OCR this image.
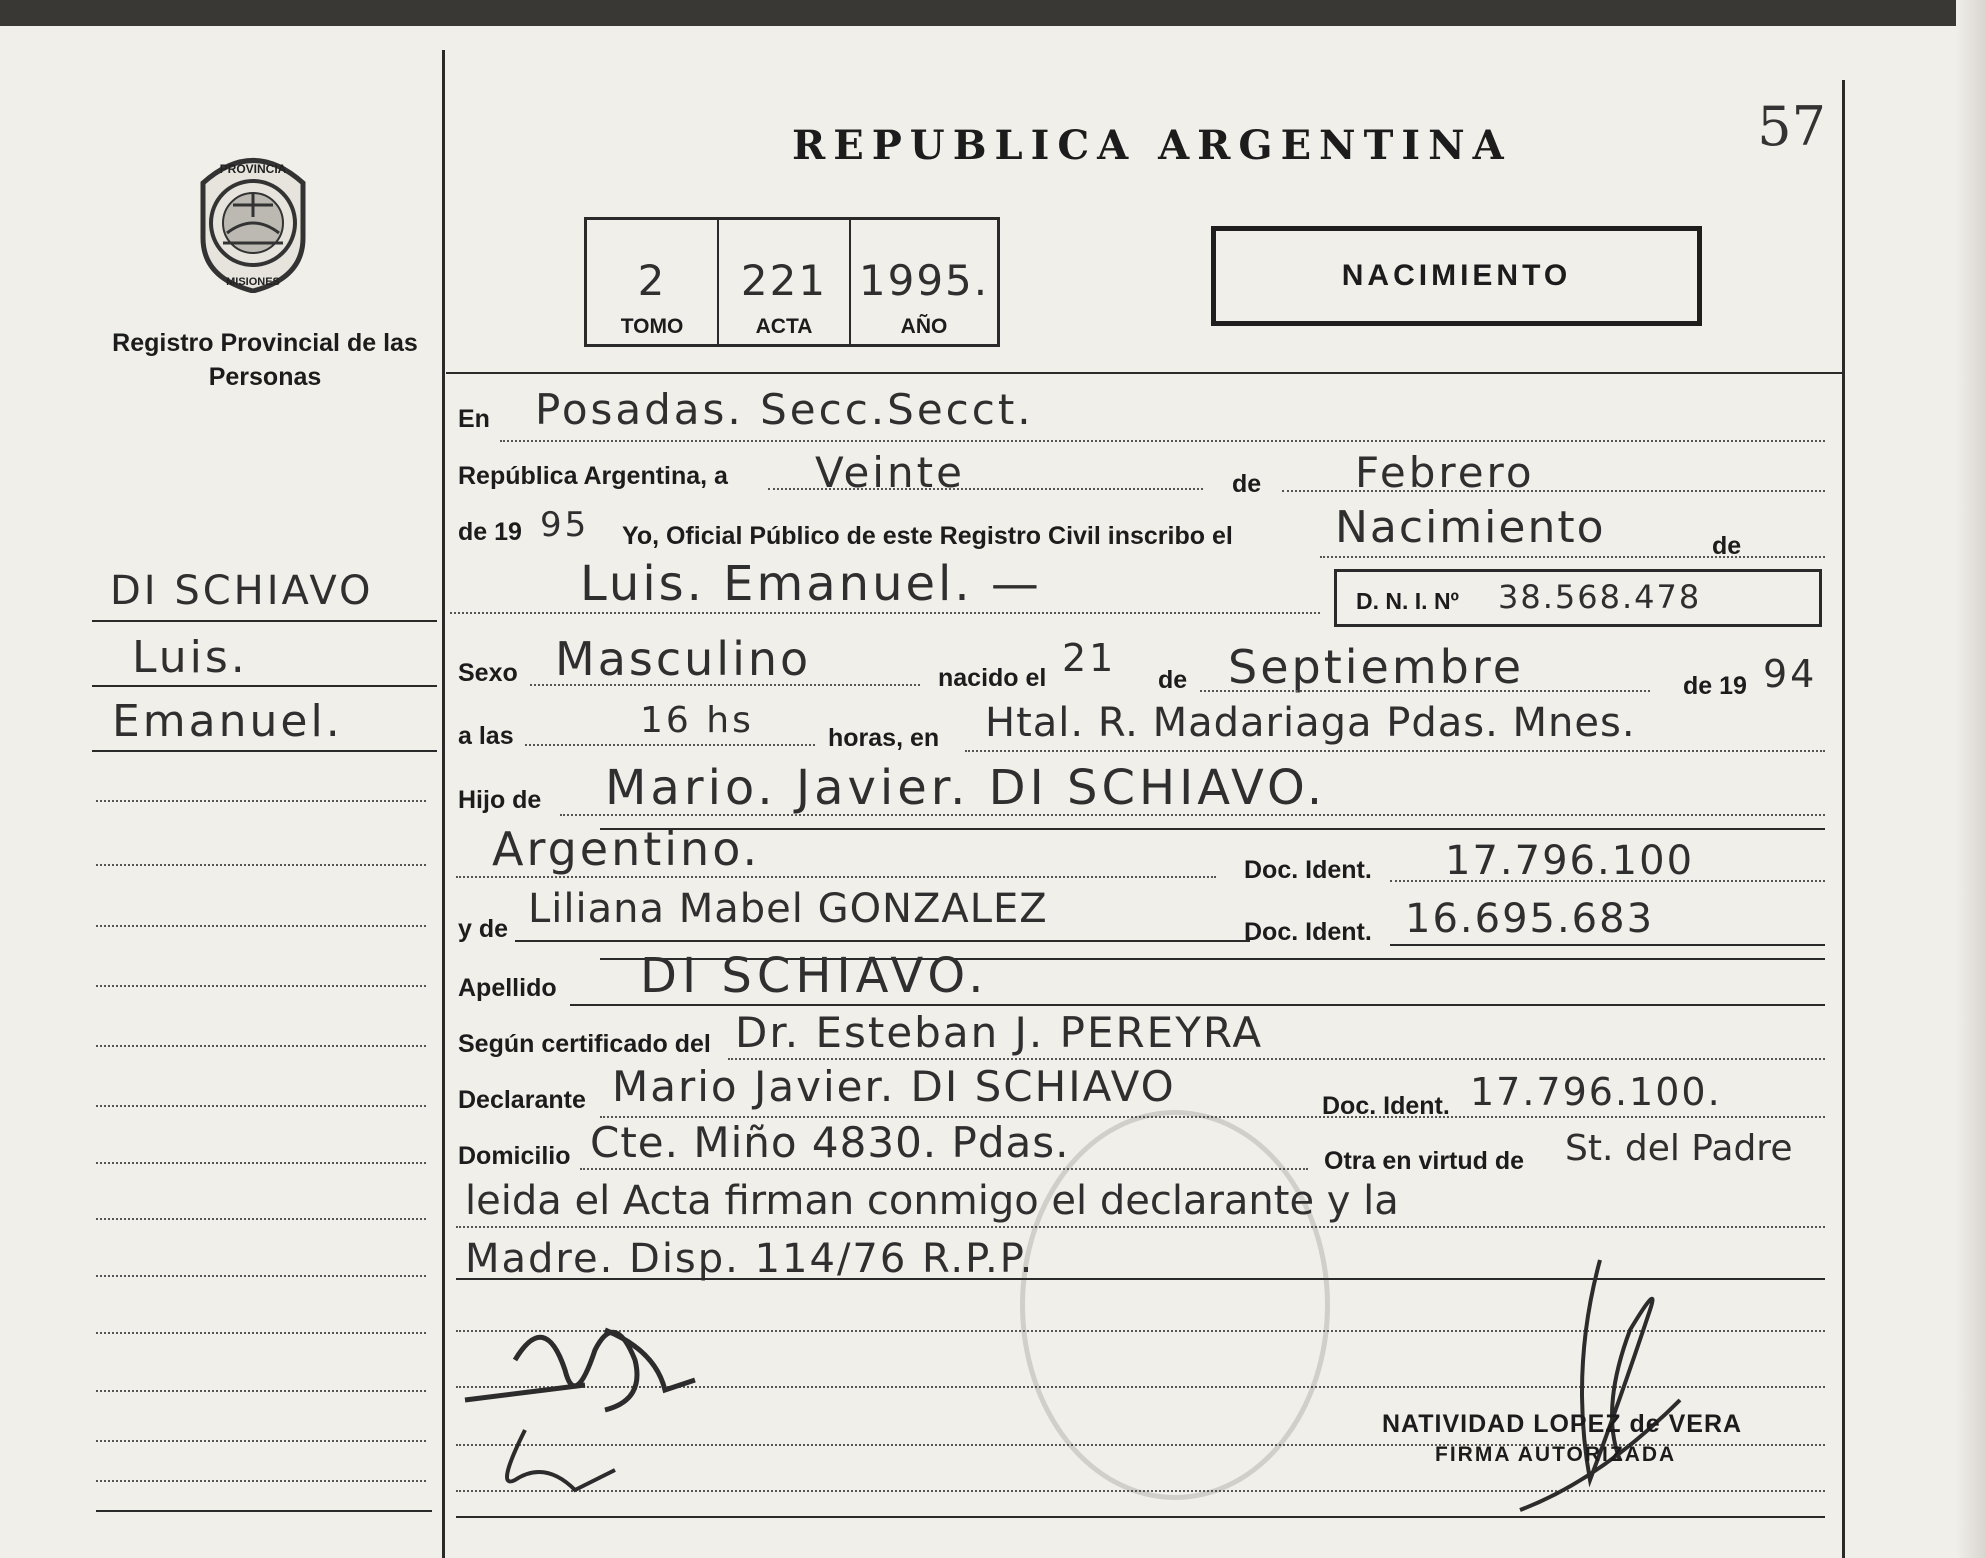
PROVINCIA
MISIONES
Registro Provincial de las Personas
REPUBLICA ARGENTINA	57
2
TOMO
221
ACTA
1995.
AÑO
NACIMIENTO
DI SCHIAVO
Luis.
Emanuel.
En Posadas. Secc.Secct.
República Argentina, a Veinte	de Febrero
de 19 95 Yo, Oficial Público de este Registro Civil inscribo el Nacimiento	de
Luis. Emanuel. —	D. N. I. Nº 38.568.478
Sexo Masculino	nacido el 21 de Septiembre	de 19 94
a las	16 hs	horas, en Htal. R. Madariaga Pdas. Mnes.
Hijo de Mario. Javier. DI SCHIAVO.
Argentino.	Doc. Ident. 17.796.100
y de Liliana Mabel GONZALEZ	Doc. Ident. 16.695.683
Apellido DI SCHIAVO.
Según certificado del Dr. Esteban J. PEREYRA
Declarante Mario Javier. DI SCHIAVO	Doc. Ident. 17.796.100.
Domicilio Cte. Miño 4830. Pdas.	Otra en virtud de St. del Padre
leida el Acta firman conmigo el declarante y la
Madre. Disp. 114/76 R.P.P.
NATIVIDAD LOPEZ de VERA
FIRMA AUTORIZADA
